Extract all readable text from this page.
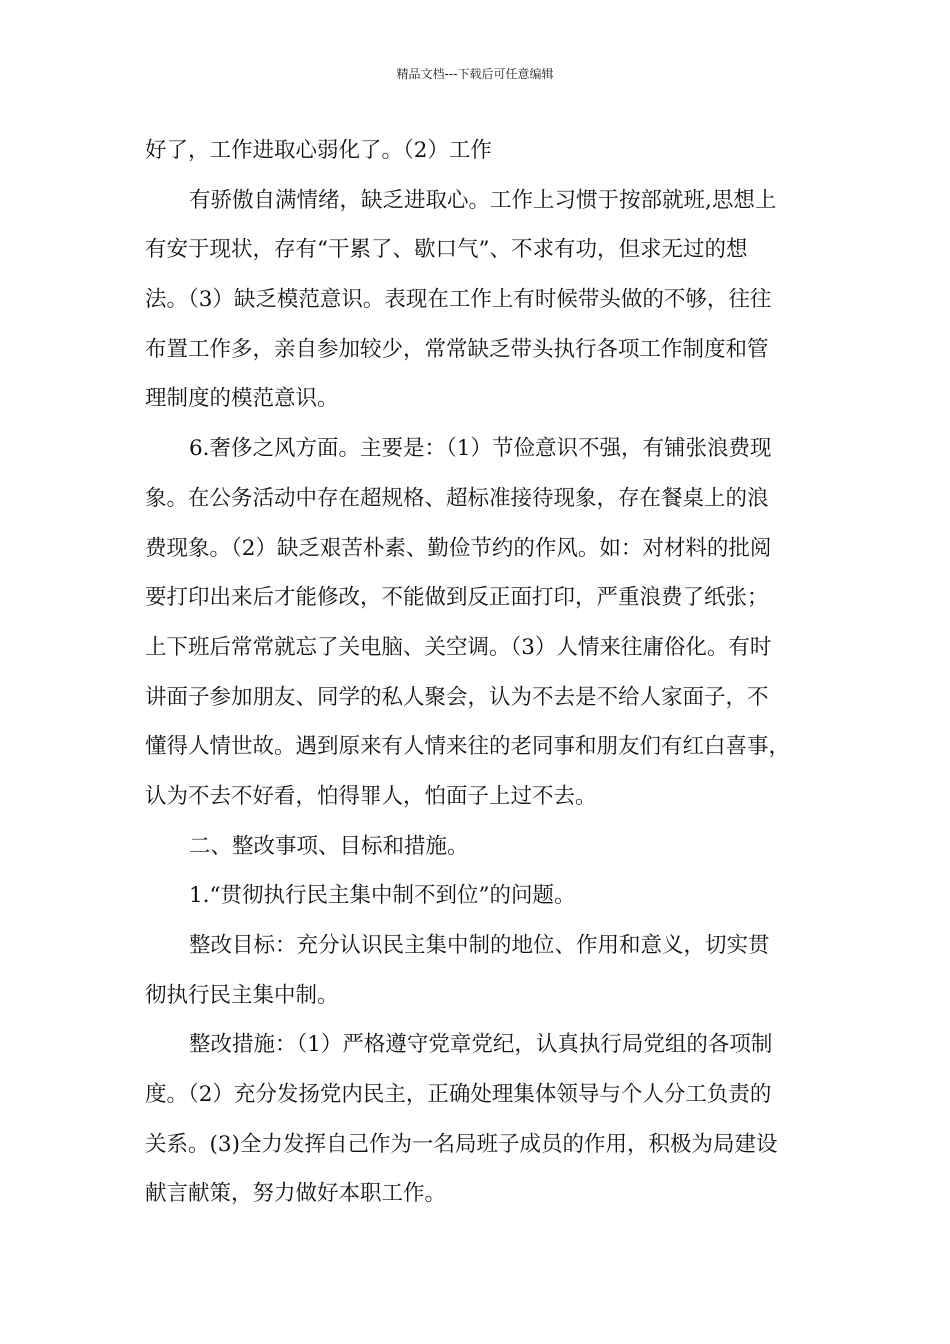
精品文档---下载后可任意编辑
好了，工作进取心弱化了。（2）工作
有骄傲自满情绪，缺乏进取心。工作上习惯于按部就班,思想上
有安于现状，存有“干累了、歇口气”、不求有功，但求无过的想
法。（3）缺乏模范意识。表现在工作上有时候带头做的不够，往往
布置工作多，亲自参加较少，常常缺乏带头执行各项工作制度和管
理制度的模范意识。
6.奢侈之风方面。主要是：（1）节俭意识不强，有铺张浪费现
象。在公务活动中存在超规格、超标准接待现象，存在餐桌上的浪
费现象。（2）缺乏艰苦朴素、勤俭节约的作风。如：对材料的批阅
要打印出来后才能修改，不能做到反正面打印，严重浪费了纸张；
上下班后常常就忘了关电脑、关空调。（3）人情来往庸俗化。有时
讲面子参加朋友、同学的私人聚会，认为不去是不给人家面子，不
懂得人情世故。遇到原来有人情来往的老同事和朋友们有红白喜事，
认为不去不好看，怕得罪人，怕面子上过不去。
二、整改事项、目标和措施。
1.“贯彻执行民主集中制不到位”的问题。
整改目标：充分认识民主集中制的地位、作用和意义，切实贯
彻执行民主集中制。
整改措施：（1）严格遵守党章党纪，认真执行局党组的各项制
度。（2）充分发扬党内民主，正确处理集体领导与个人分工负责的
关系。(3)全力发挥自己作为一名局班子成员的作用，积极为局建设
献言献策，努力做好本职工作。
